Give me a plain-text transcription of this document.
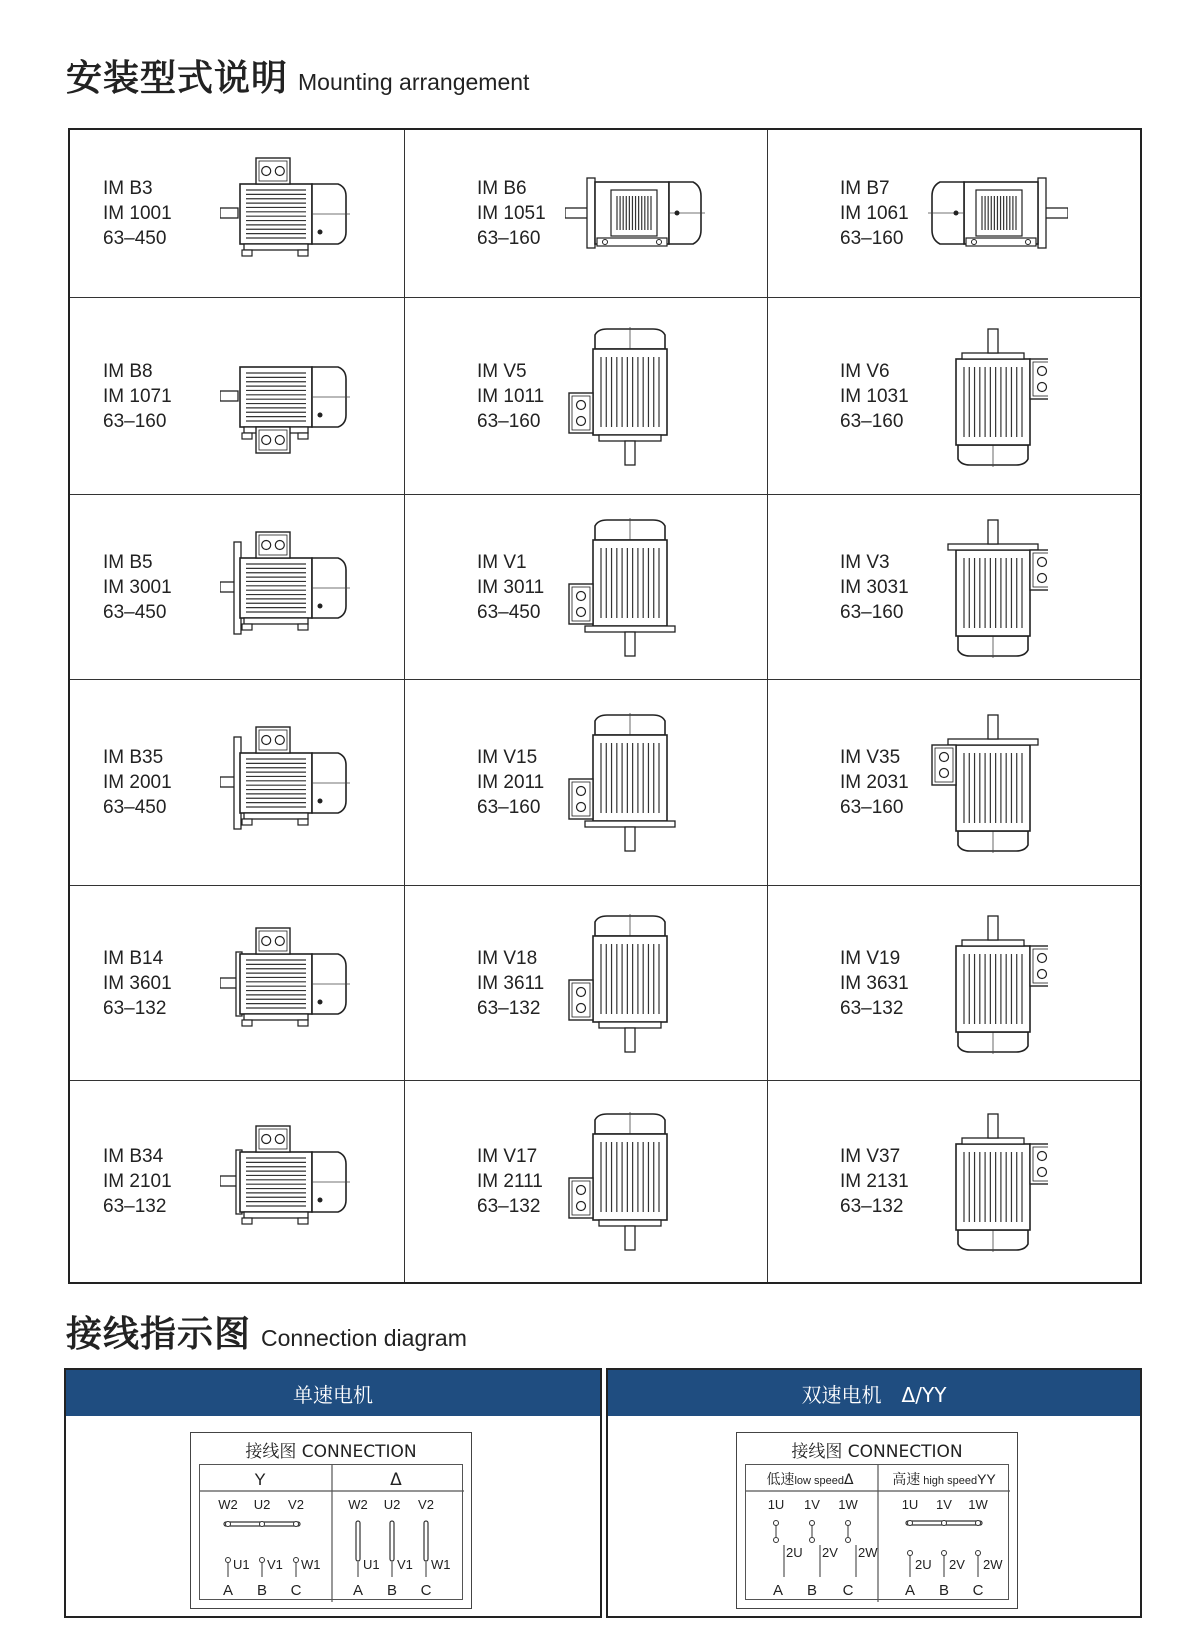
安装型式说明 Mounting arrangement
IM B3
IM 1001
63–450
IM B6
IM 1051
63–160
IM B7
IM 1061
63–160
IM B8
IM 1071
63–160
IM V5
IM 1011
63–160
IM V6
IM 1031
63–160
IM B5
IM 3001
63–450
IM V1
IM 3011
63–450
IM V3
IM 3031
63–160
IM B35
IM 2001
63–450
IM V15
IM 2011
63–160
IM V35
IM 2031
63–160
IM B14
IM 3601
63–132
IM V18
IM 3611
63–132
IM V19
IM 3631
63–132
IM B34
IM 2101
63–132
IM V17
IM 2111
63–132
IM V37
IM 2131
63–132
接线指示图 Connection diagram
单速电机
接线图 CONNECTION
Y	Δ
W2 U2 V2
U1 V1 W1
A B C
W2 U2 V2
U1 V1 W1
A B C
双速电机　Δ/YY
接线图 CONNECTION
低速low speedΔ	高速 high speedYY
1U 1V 1W
2U 2V 2W
A B C
1U 1V 1W
2U 2V 2W
A B C
